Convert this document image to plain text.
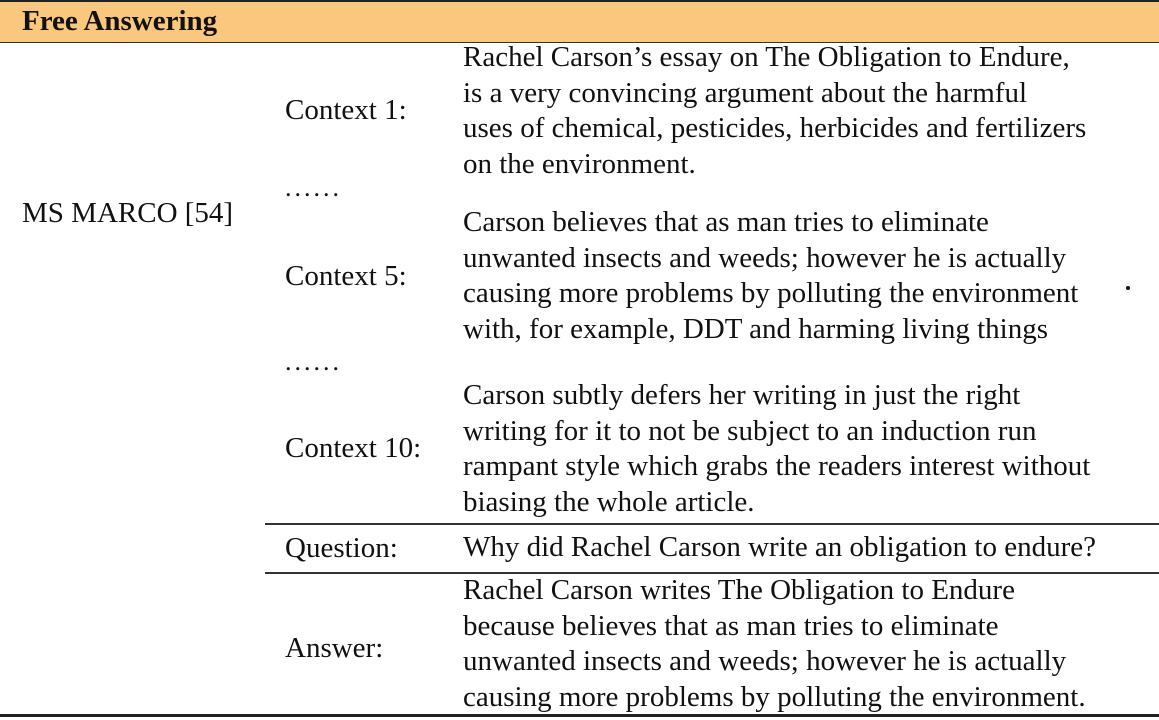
Free Answering
MS MARCO [54]
Context 1:
Rachel Carson’s essay on The Obligation to Endure,
is a very convincing argument about the harmful
uses of chemical, pesticides, herbicides and fertilizers
on the environment.
......
Context 5:
Carson believes that as man tries to eliminate
unwanted insects and weeds; however he is actually
causing more problems by polluting the environment
with, for example, DDT and harming living things
......
Context 10:
Carson subtly defers her writing in just the right
writing for it to not be subject to an induction run
rampant style which grabs the readers interest without
biasing the whole article.
Question: Why did Rachel Carson write an obligation to endure?
Answer:
Rachel Carson writes The Obligation to Endure
because believes that as man tries to eliminate
unwanted insects and weeds; however he is actually
causing more problems by polluting the environment.
